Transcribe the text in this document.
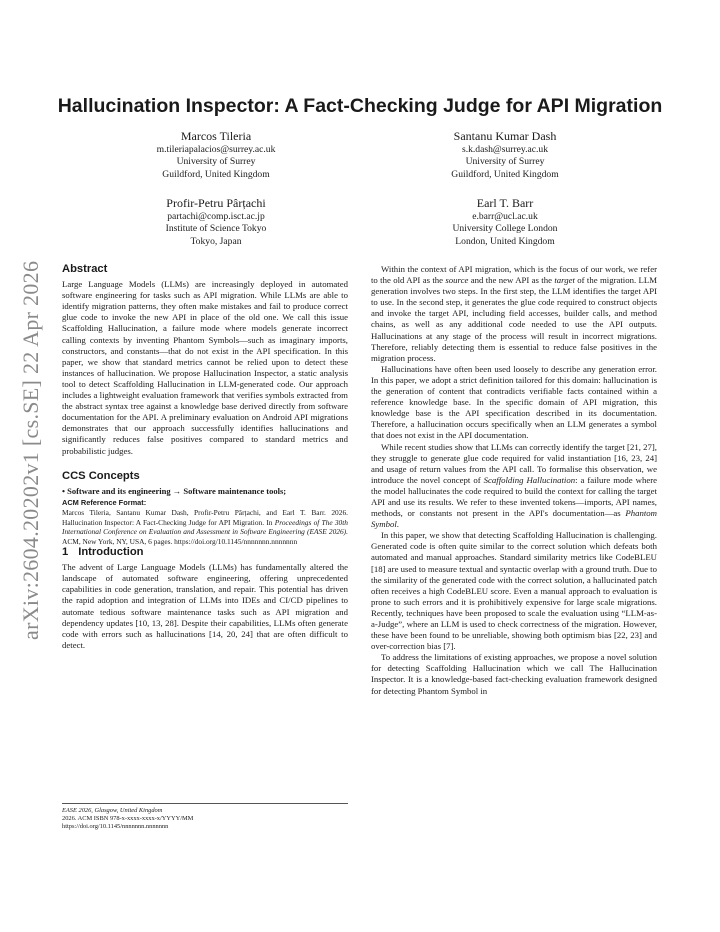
arXiv:2604.20202v1 [cs.SE] 22 Apr 2026
Hallucination Inspector: A Fact-Checking Judge for API Migration
Marcos Tileria
m.tileriapalacios@surrey.ac.uk
University of Surrey
Guildford, United Kingdom
Santanu Kumar Dash
s.k.dash@surrey.ac.uk
University of Surrey
Guildford, United Kingdom
Profir-Petru Pârțachi
partachi@comp.isct.ac.jp
Institute of Science Tokyo
Tokyo, Japan
Earl T. Barr
e.barr@ucl.ac.uk
University College London
London, United Kingdom
Abstract

Large Language Models (LLMs) are increasingly deployed in automated software engineering for tasks such as API migration. While LLMs are able to identify migration patterns, they often make mistakes and fail to produce correct glue code to invoke the new API in place of the old one. We call this issue Scaffolding Hallucination, a failure mode where models generate incorrect calling contexts by inventing Phantom Symbols—such as imaginary imports, constructors, and constants—that do not exist in the API specification. In this paper, we show that standard metrics cannot be relied upon to detect these instances of hallucination. We propose Hallucination Inspector, a static analysis tool to detect Scaffolding Hallucination in LLM-generated code. Our approach includes a lightweight evaluation framework that verifies symbols extracted from the abstract syntax tree against a knowledge base derived directly from software documentation for the API. A preliminary evaluation on Android API migrations demonstrates that our approach successfully identifies hallucinations and significantly reduces false positives compared to standard metrics and probabilistic judges.

CCS Concepts

• Software and its engineering → Software maintenance tools;

ACM Reference Format:

Marcos Tileria, Santanu Kumar Dash, Profir-Petru Pârțachi, and Earl T. Barr. 2026. Hallucination Inspector: A Fact-Checking Judge for API Migration. In Proceedings of The 30th International Conference on Evaluation and Assessment in Software Engineering (EASE 2026). ACM, New York, NY, USA, 6 pages. https://doi.org/10.1145/nnnnnnn.nnnnnnn

1 Introduction

The advent of Large Language Models (LLMs) has fundamentally altered the landscape of automated software engineering, offering unprecedented capabilities in code generation, translation, and repair. This potential has driven the rapid adoption and integration of LLMs into IDEs and CI/CD pipelines to automate tedious software maintenance tasks such as API migration and dependency updates [10, 13, 28]. Despite their capabilities, LLMs often generate code with errors such as hallucinations [14, 20, 24] that are often difficult to detect.

EASE 2026, Glasgow, United Kingdom
2026. ACM ISBN 978-x-xxxx-xxxx-x/YYYY/MM
https://doi.org/10.1145/nnnnnnn.nnnnnnn

Within the context of API migration, which is the focus of our work, we refer to the old API as the source and the new API as the target of the migration. LLM generation involves two steps. In the first step, the LLM identifies the target API to use. In the second step, it generates the glue code required to construct objects and invoke the target API, including field accesses, builder calls, and method chains, as well as any additional code needed to use the API outputs. Hallucinations at any stage of the process will result in incorrect migrations. Therefore, reliably detecting them is essential to reduce false positives in the migration process.

Hallucinations have often been used loosely to describe any generation error. In this paper, we adopt a strict definition tailored for this domain: hallucination is the generation of content that contradicts verifiable facts contained within a reference knowledge base. In the specific domain of API migration, this knowledge base is the API specification described in its documentation. Therefore, a hallucination occurs specifically when an LLM generates a symbol that does not exist in the API documentation.

While recent studies show that LLMs can correctly identify the target [21, 27], they struggle to generate glue code required for valid instantiation [16, 23, 24] and usage of return values from the API call. To formalise this observation, we introduce the novel concept of Scaffolding Hallucination: a failure mode where the model hallucinates the code required to build the context for calling the target API and use its results. We refer to these invented tokens—imports, API names, methods, or constants not present in the API's documentation—as Phantom Symbol.

In this paper, we show that detecting Scaffolding Hallucination is challenging. Generated code is often quite similar to the correct solution which defeats both automated and manual approaches. Standard similarity metrics like CodeBLEU [18] are used to measure textual and syntactic overlap with a ground truth. Due to the similarity of the generated code with the correct solution, a hallucinated patch often receives a high CodeBLEU score. Even a manual approach to evaluation is prone to such errors and it is prohibitively expensive for large scale migrations. Recently, techniques have been proposed to scale the evaluation using “LLM-as-a-Judge”, where an LLM is used to check correctness of the migration. However, these have been found to be unreliable, showing both optimism bias [22, 23] and over-correction bias [7].

To address the limitations of existing approaches, we propose a novel solution for detecting Scaffolding Hallucination which we call The Hallucination Inspector. It is a knowledge-based fact-checking evaluation framework designed for detecting Phantom Symbol in
